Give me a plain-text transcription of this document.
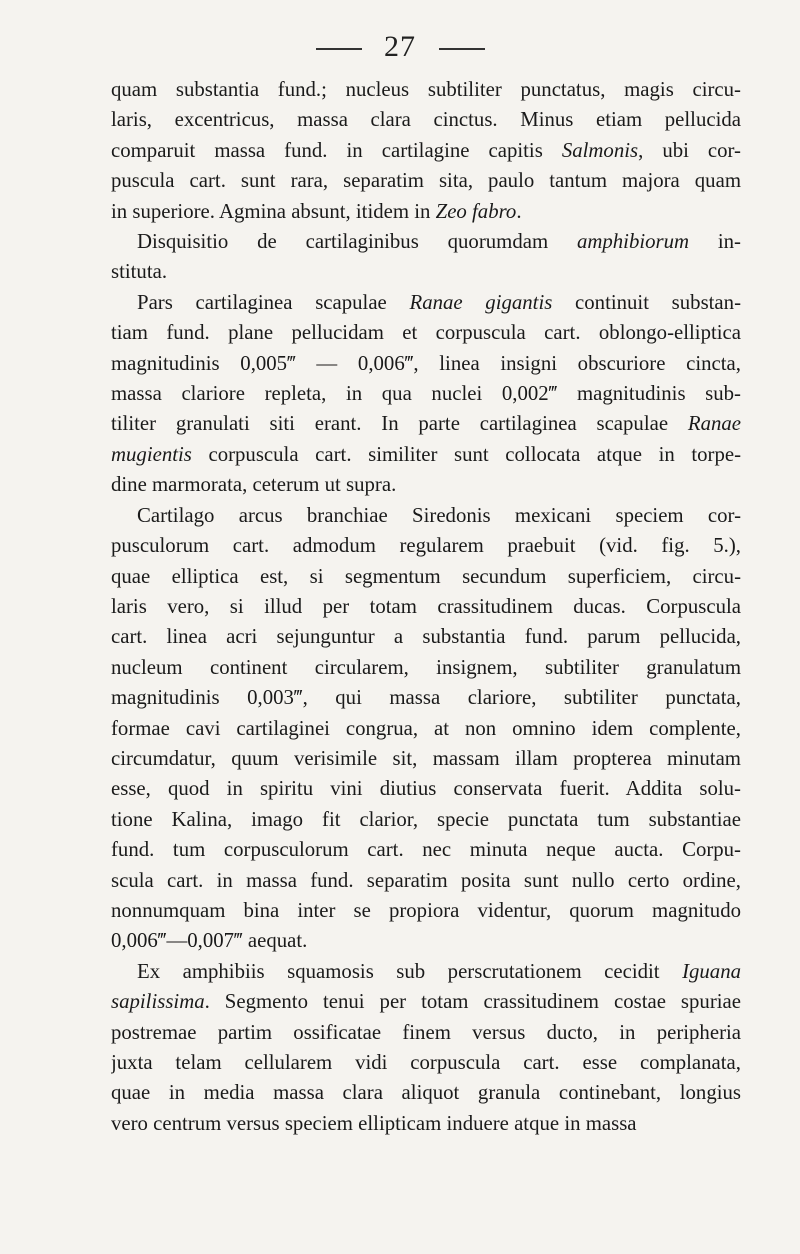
27

quam substantia fund.; nucleus subtiliter punctatus, magis circu-
laris, excentricus, massa clara cinctus. Minus etiam pellucida
comparuit massa fund. in cartilagine capitis Salmonis, ubi cor-
puscula cart. sunt rara, separatim sita, paulo tantum majora quam
in superiore. Agmina absunt, itidem in Zeo fabro.

Disquisitio de cartilaginibus quorumdam amphibiorum in-
stituta.

Pars cartilaginea scapulae Ranae gigantis continuit substan-
tiam fund. plane pellucidam et corpuscula cart. oblongo-elliptica
magnitudinis 0,005‴ — 0,006‴, linea insigni obscuriore cincta,
massa clariore repleta, in qua nuclei 0,002‴ magnitudinis sub-
tiliter granulati siti erant. In parte cartilaginea scapulae Ranae
mugientis corpuscula cart. similiter sunt collocata atque in torpe-
dine marmorata, ceterum ut supra.

Cartilago arcus branchiae Siredonis mexicani speciem cor-
pusculorum cart. admodum regularem praebuit (vid. fig. 5.),
quae elliptica est, si segmentum secundum superficiem, circu-
laris vero, si illud per totam crassitudinem ducas. Corpuscula
cart. linea acri sejunguntur a substantia fund. parum pellucida,
nucleum continent circularem, insignem, subtiliter granulatum
magnitudinis 0,003‴, qui massa clariore, subtiliter punctata,
formae cavi cartilaginei congrua, at non omnino idem complente,
circumdatur, quum verisimile sit, massam illam propterea minutam
esse, quod in spiritu vini diutius conservata fuerit. Addita solu-
tione Kalina, imago fit clarior, specie punctata tum substantiae
fund. tum corpusculorum cart. nec minuta neque aucta. Corpu-
scula cart. in massa fund. separatim posita sunt nullo certo ordine,
nonnumquam bina inter se propiora videntur, quorum magnitudo
0,006‴—0,007‴ aequat.

Ex amphibiis squamosis sub perscrutationem cecidit Iguana
sapilissima. Segmento tenui per totam crassitudinem costae spuriae
postremae partim ossificatae finem versus ducto, in peripheria
juxta telam cellularem vidi corpuscula cart. esse complanata,
quae in media massa clara aliquot granula continebant, longius
vero centrum versus speciem ellipticam induere atque in massa
